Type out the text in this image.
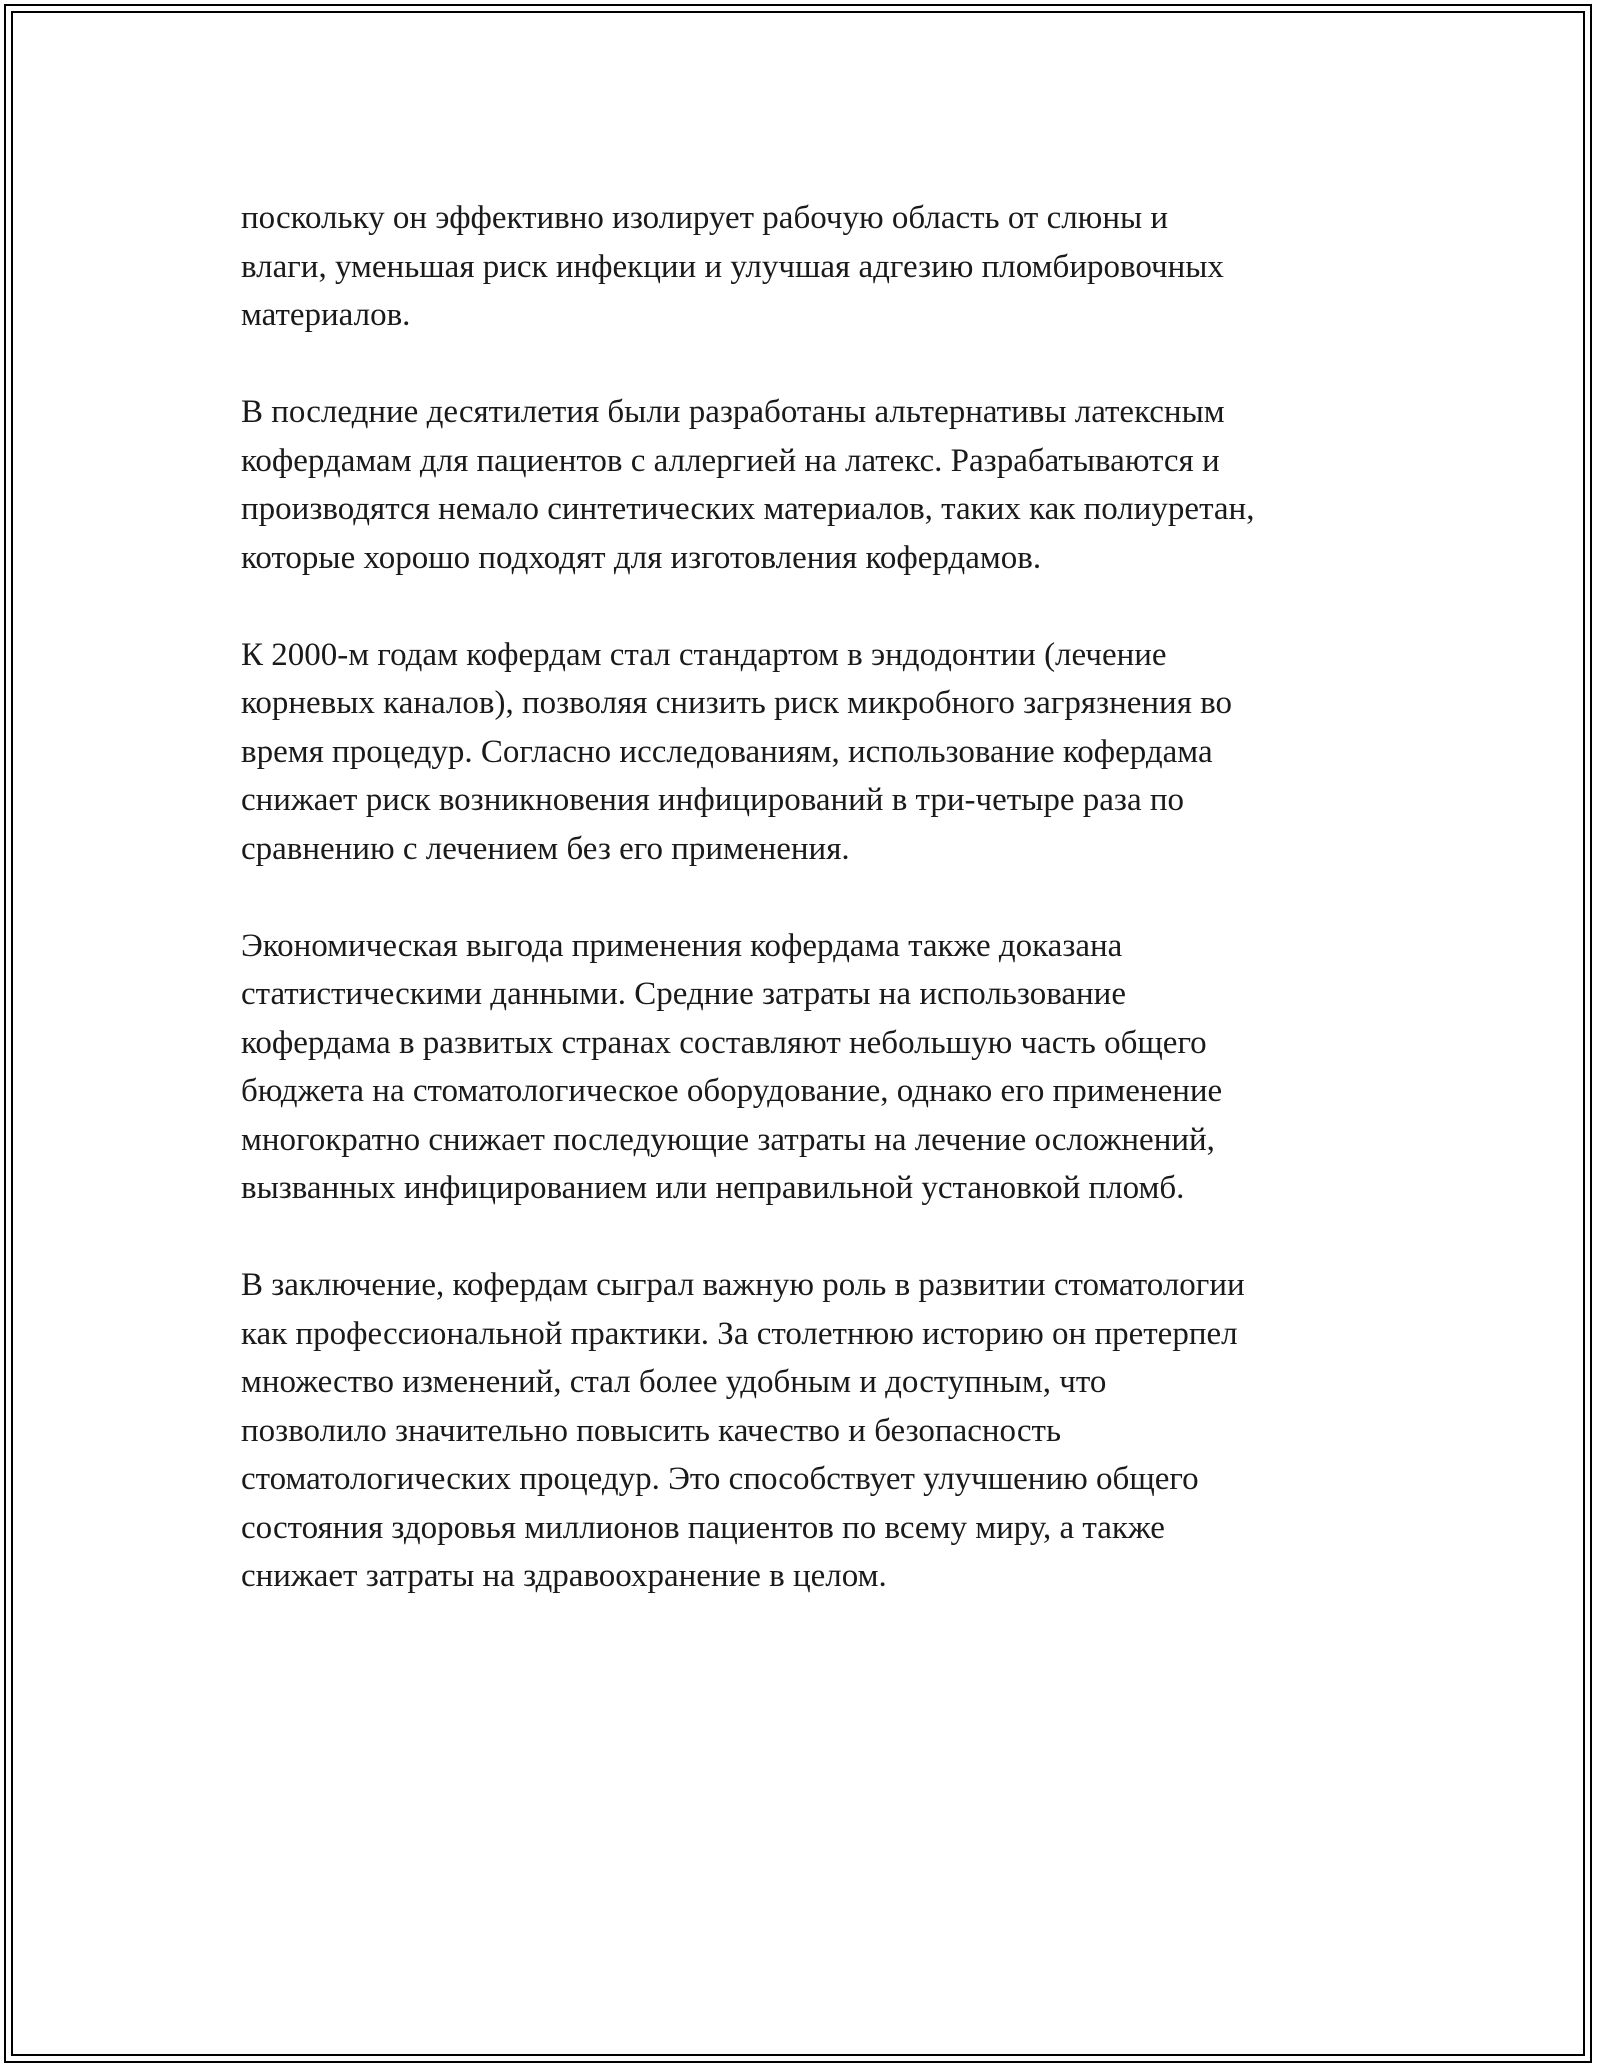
поскольку он эффективно изолирует рабочую область от слюны и
влаги, уменьшая риск инфекции и улучшая адгезию пломбировочных
материалов.

В последние десятилетия были разработаны альтернативы латексным
кофердамам для пациентов с аллергией на латекс. Разрабатываются и
производятся немало синтетических материалов, таких как полиуретан,
которые хорошо подходят для изготовления кофердамов.

К 2000-м годам кофердам стал стандартом в эндодонтии (лечение
корневых каналов), позволяя снизить риск микробного загрязнения во
время процедур. Согласно исследованиям, использование кофердама
снижает риск возникновения инфицирований в три-четыре раза по
сравнению с лечением без его применения.

Экономическая выгода применения кофердама также доказана
статистическими данными. Средние затраты на использование
кофердама в развитых странах составляют небольшую часть общего
бюджета на стоматологическое оборудование, однако его применение
многократно снижает последующие затраты на лечение осложнений,
вызванных инфицированием или неправильной установкой пломб.

В заключение, кофердам сыграл важную роль в развитии стоматологии
как профессиональной практики. За столетнюю историю он претерпел
множество изменений, стал более удобным и доступным, что
позволило значительно повысить качество и безопасность
стоматологических процедур. Это способствует улучшению общего
состояния здоровья миллионов пациентов по всему миру, а также
снижает затраты на здравоохранение в целом.
